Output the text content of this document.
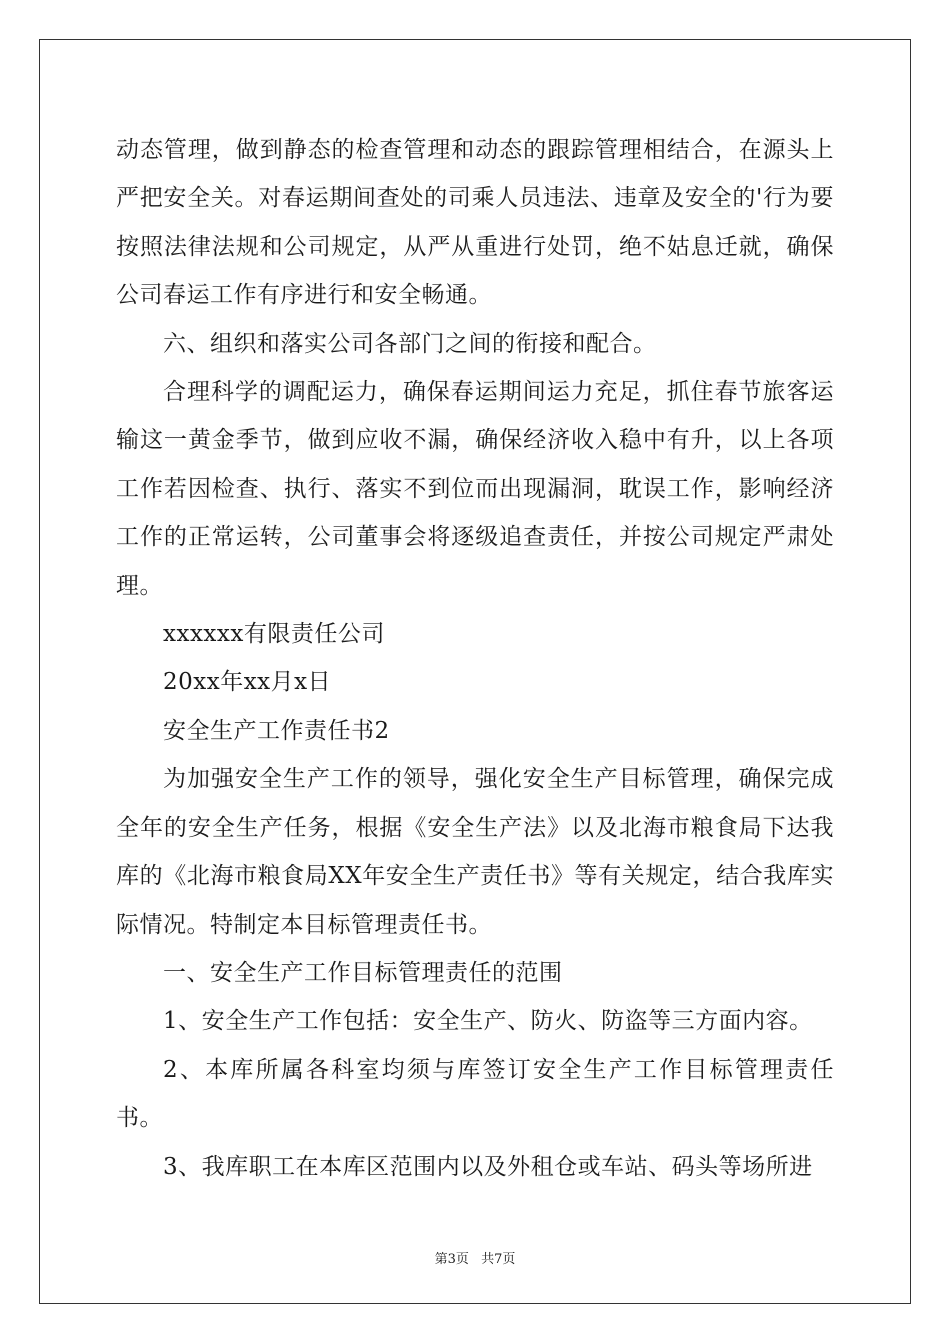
动态管理，做到静态的检查管理和动态的跟踪管理相结合，在源头上严把安全关。对春运期间查处的司乘人员违法、违章及安全的'行为要按照法律法规和公司规定，从严从重进行处罚，绝不姑息迁就，确保公司春运工作有序进行和安全畅通。

六、组织和落实公司各部门之间的衔接和配合。

合理科学的调配运力，确保春运期间运力充足，抓住春节旅客运输这一黄金季节，做到应收不漏，确保经济收入稳中有升，以上各项工作若因检查、执行、落实不到位而出现漏洞，耽误工作，影响经济工作的正常运转，公司董事会将逐级追查责任，并按公司规定严肃处理。

xxxxxx有限责任公司

20xx年xx月x日

安全生产工作责任书2

为加强安全生产工作的领导，强化安全生产目标管理，确保完成全年的安全生产任务，根据《安全生产法》以及北海市粮食局下达我库的《北海市粮食局XX年安全生产责任书》等有关规定，结合我库实际情况。特制定本目标管理责任书。

一、安全生产工作目标管理责任的范围

1、安全生产工作包括：安全生产、防火、防盗等三方面内容。

2、本库所属各科室均须与库签订安全生产工作目标管理责任书。

3、我库职工在本库区范围内以及外租仓或车站、码头等场所进

第3页 共7页
